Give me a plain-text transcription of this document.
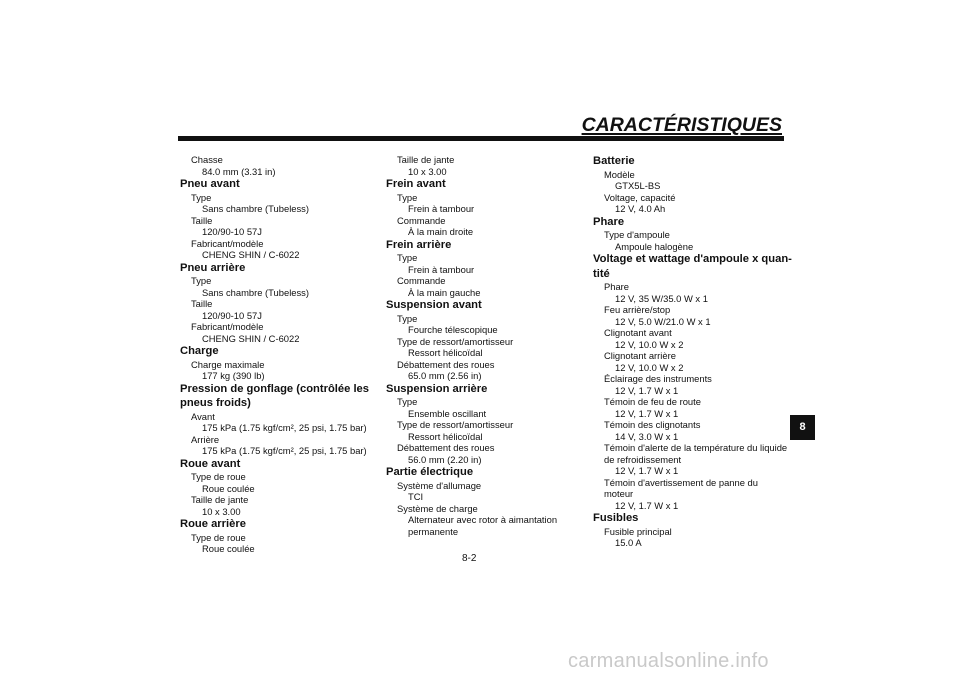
CARACTÉRISTIQUES
Chasse
84.0 mm (3.31 in)
Pneu avant
Type
Sans chambre (Tubeless)
Taille
120/90-10 57J
Fabricant/modèle
CHENG SHIN / C-6022
Pneu arrière
Type
Sans chambre (Tubeless)
Taille
120/90-10 57J
Fabricant/modèle
CHENG SHIN / C-6022
Charge
Charge maximale
177 kg (390 lb)
Pression de gonflage (contrôlée les
pneus froids)
Avant
175 kPa (1.75 kgf/cm², 25 psi, 1.75 bar)
Arrière
175 kPa (1.75 kgf/cm², 25 psi, 1.75 bar)
Roue avant
Type de roue
Roue coulée
Taille de jante
10 x 3.00
Roue arrière
Type de roue
Roue coulée
Taille de jante
10 x 3.00
Frein avant
Type
Frein à tambour
Commande
À la main droite
Frein arrière
Type
Frein à tambour
Commande
À la main gauche
Suspension avant
Type
Fourche télescopique
Type de ressort/amortisseur
Ressort hélicoïdal
Débattement des roues
65.0 mm (2.56 in)
Suspension arrière
Type
Ensemble oscillant
Type de ressort/amortisseur
Ressort hélicoïdal
Débattement des roues
56.0 mm (2.20 in)
Partie électrique
Système d'allumage
TCI
Système de charge
Alternateur avec rotor à aimantation
permanente
Batterie
Modèle
GTX5L-BS
Voltage, capacité
12 V, 4.0 Ah
Phare
Type d'ampoule
Ampoule halogène
Voltage et wattage d'ampoule x quan-
tité
Phare
12 V, 35 W/35.0 W x 1
Feu arrière/stop
12 V, 5.0 W/21.0 W x 1
Clignotant avant
12 V, 10.0 W x 2
Clignotant arrière
12 V, 10.0 W x 2
Éclairage des instruments
12 V, 1.7 W x 1
Témoin de feu de route
12 V, 1.7 W x 1
Témoin des clignotants
14 V, 3.0 W x 1
Témoin d'alerte de la température du liquide
de refroidissement
12 V, 1.7 W x 1
Témoin d'avertissement de panne du
moteur
12 V, 1.7 W x 1
Fusibles
Fusible principal
15.0 A
8
8-2
carmanualsonline.info
